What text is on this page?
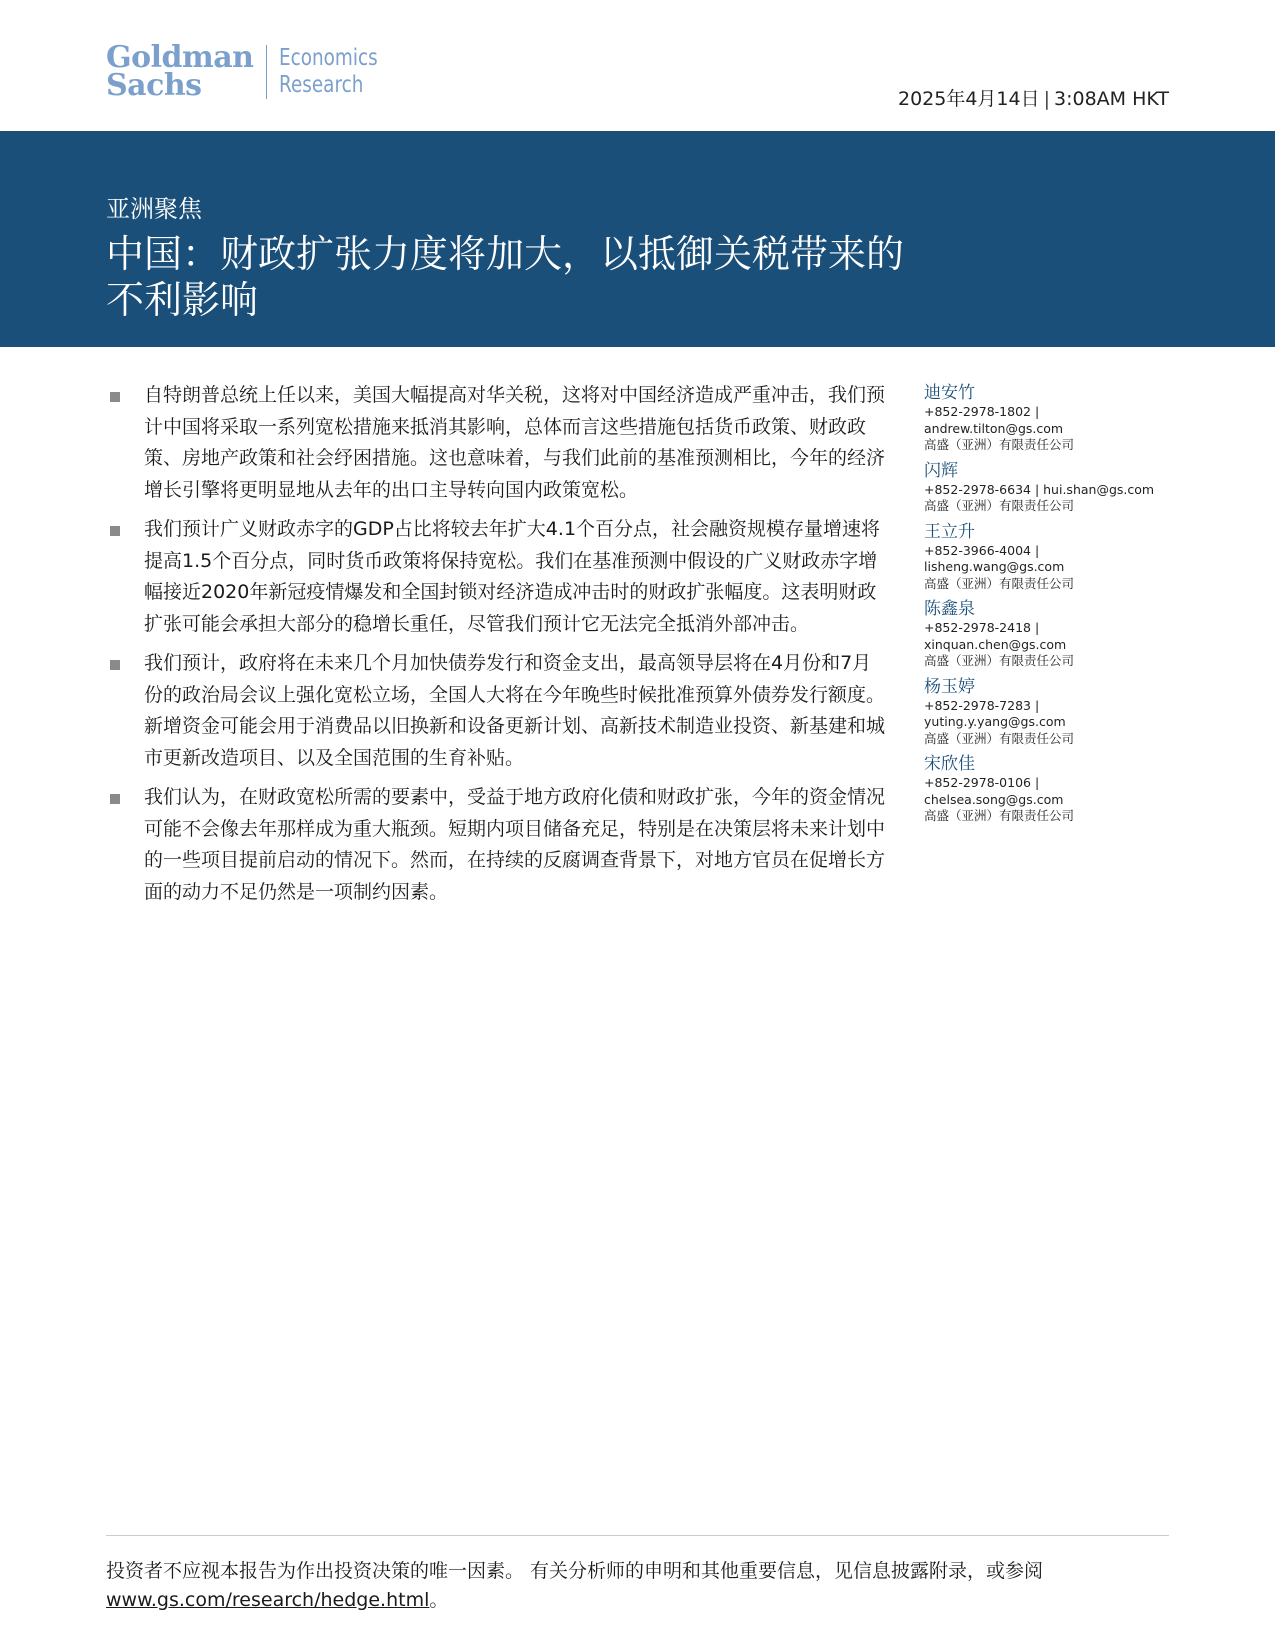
Goldman
Sachs
Economics
Research
2025年4月14日 | 3:08AM HKT
亚洲聚焦
中国：财政扩张力度将加大，以抵御关税带来的
不利影响
自特朗普总统上任以来，美国大幅提高对华关税，这将对中国经济造成严重冲击，我们预计中国将采取一系列宽松措施来抵消其影响，总体而言这些措施包括货币政策、财政政策、房地产政策和社会纾困措施。这也意味着，与我们此前的基准预测相比，今年的经济增长引擎将更明显地从去年的出口主导转向国内政策宽松。
我们预计广义财政赤字的GDP占比将较去年扩大4.1个百分点，社会融资规模存量增速将提高1.5个百分点，同时货币政策将保持宽松。我们在基准预测中假设的广义财政赤字增幅接近2020年新冠疫情爆发和全国封锁对经济造成冲击时的财政扩张幅度。这表明财政扩张可能会承担大部分的稳增长重任，尽管我们预计它无法完全抵消外部冲击。
我们预计，政府将在未来几个月加快债券发行和资金支出，最高领导层将在4月份和7月份的政治局会议上强化宽松立场，全国人大将在今年晚些时候批准预算外债券发行额度。新增资金可能会用于消费品以旧换新和设备更新计划、高新技术制造业投资、新基建和城市更新改造项目、以及全国范围的生育补贴。
我们认为，在财政宽松所需的要素中，受益于地方政府化债和财政扩张，今年的资金情况可能不会像去年那样成为重大瓶颈。短期内项目储备充足，特别是在决策层将未来计划中的一些项目提前启动的情况下。然而，在持续的反腐调查背景下，对地方官员在促增长方面的动力不足仍然是一项制约因素。
迪安竹
+852-2978-1802 |
andrew.tilton@gs.com
高盛（亚洲）有限责任公司
闪辉
+852-2978-6634 | hui.shan@gs.com
高盛（亚洲）有限责任公司
王立升
+852-3966-4004 |
lisheng.wang@gs.com
高盛（亚洲）有限责任公司
陈鑫泉
+852-2978-2418 |
xinquan.chen@gs.com
高盛（亚洲）有限责任公司
杨玉婷
+852-2978-7283 |
yuting.y.yang@gs.com
高盛（亚洲）有限责任公司
宋欣佳
+852-2978-0106 |
chelsea.song@gs.com
高盛（亚洲）有限责任公司
投资者不应视本报告为作出投资决策的唯一因素。 有关分析师的申明和其他重要信息，见信息披露附录，或参阅
www.gs.com/research/hedge.html。
